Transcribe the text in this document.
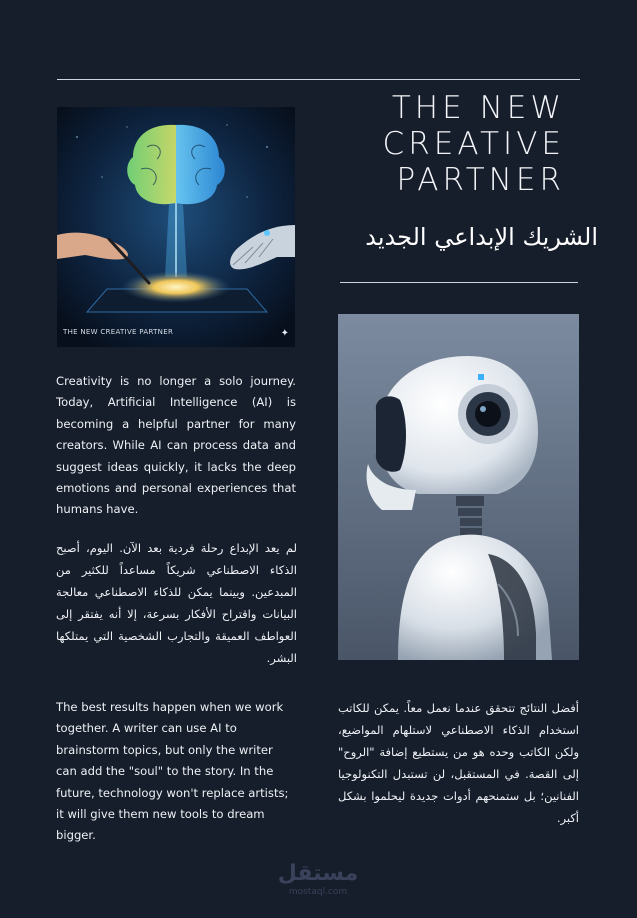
THE NEW CREATIVE PARTNER
الشريك الإبداعي الجديد
THE NEW CREATIVE PARTNER	✦
Creativity is no longer a solo journey. Today, Artificial Intelligence (AI) is becoming a helpful partner for many creators. While AI can process data and suggest ideas quickly, it lacks the deep emotions and personal experiences that humans have.
لم يعد الإبداع رحلة فردية بعد الآن. اليوم، أصبح الذكاء الاصطناعي شريكاً مساعداً للكثير من المبدعين. وبينما يمكن للذكاء الاصطناعي معالجة البيانات واقتراح الأفكار بسرعة، إلا أنه يفتقر إلى العواطف العميقة والتجارب الشخصية التي يمتلكها البشر.
The best results happen when we work together. A writer can use AI to brainstorm topics, but only the writer can add the "soul" to the story. In the future, technology won't replace artists; it will give them new tools to dream bigger.
أفضل النتائج تتحقق عندما نعمل معاً. يمكن للكاتب استخدام الذكاء الاصطناعي لاستلهام المواضيع، ولكن الكاتب وحده هو من يستطيع إضافة "الروح" إلى القصة. في المستقبل، لن تستبدل التكنولوجيا الفنانين؛ بل ستمنحهم أدوات جديدة ليحلموا بشكل أكبر.
مستقل
mostaql.com
